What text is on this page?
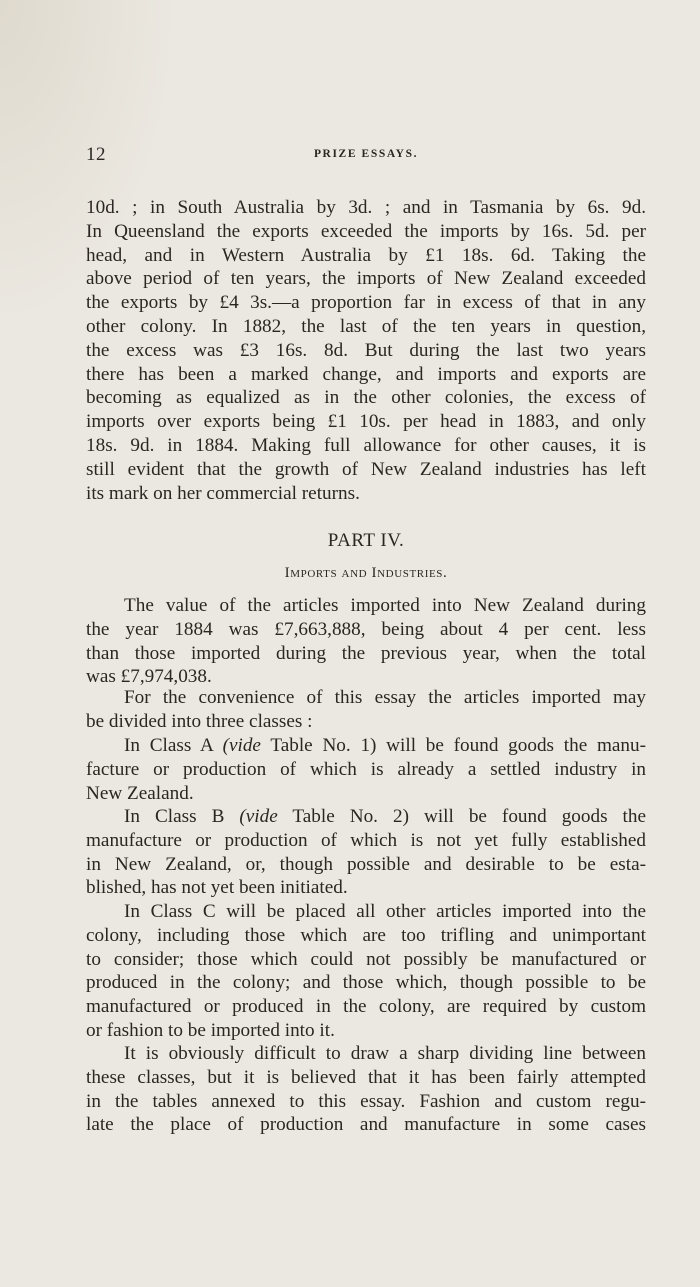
12	PRIZE ESSAYS.
10d. ; in South Australia by 3d. ; and in Tasmania by 6s. 9d.
In Queensland the exports exceeded the imports by 16s. 5d. per
head, and in Western Australia by £1 18s. 6d. Taking the
above period of ten years, the imports of New Zealand exceeded
the exports by £4 3s.—a proportion far in excess of that in any
other colony. In 1882, the last of the ten years in question,
the excess was £3 16s. 8d. But during the last two years
there has been a marked change, and imports and exports are
becoming as equalized as in the other colonies, the excess of
imports over exports being £1 10s. per head in 1883, and only
18s. 9d. in 1884. Making full allowance for other causes, it is
still evident that the growth of New Zealand industries has left
its mark on her commercial returns.
PART IV.
Imports and Industries.
The value of the articles imported into New Zealand during
the year 1884 was £7,663,888, being about 4 per cent. less
than those imported during the previous year, when the total
was £7,974,038.
For the convenience of this essay the articles imported may
be divided into three classes :
In Class A (vide Table No. 1) will be found goods the manu-
facture or production of which is already a settled industry in
New Zealand.
In Class B (vide Table No. 2) will be found goods the
manufacture or production of which is not yet fully established
in New Zealand, or, though possible and desirable to be esta-
blished, has not yet been initiated.
In Class C will be placed all other articles imported into the
colony, including those which are too trifling and unimportant
to consider; those which could not possibly be manufactured or
produced in the colony; and those which, though possible to be
manufactured or produced in the colony, are required by custom
or fashion to be imported into it.
It is obviously difficult to draw a sharp dividing line between
these classes, but it is believed that it has been fairly attempted
in the tables annexed to this essay. Fashion and custom regu-
late the place of production and manufacture in some cases
